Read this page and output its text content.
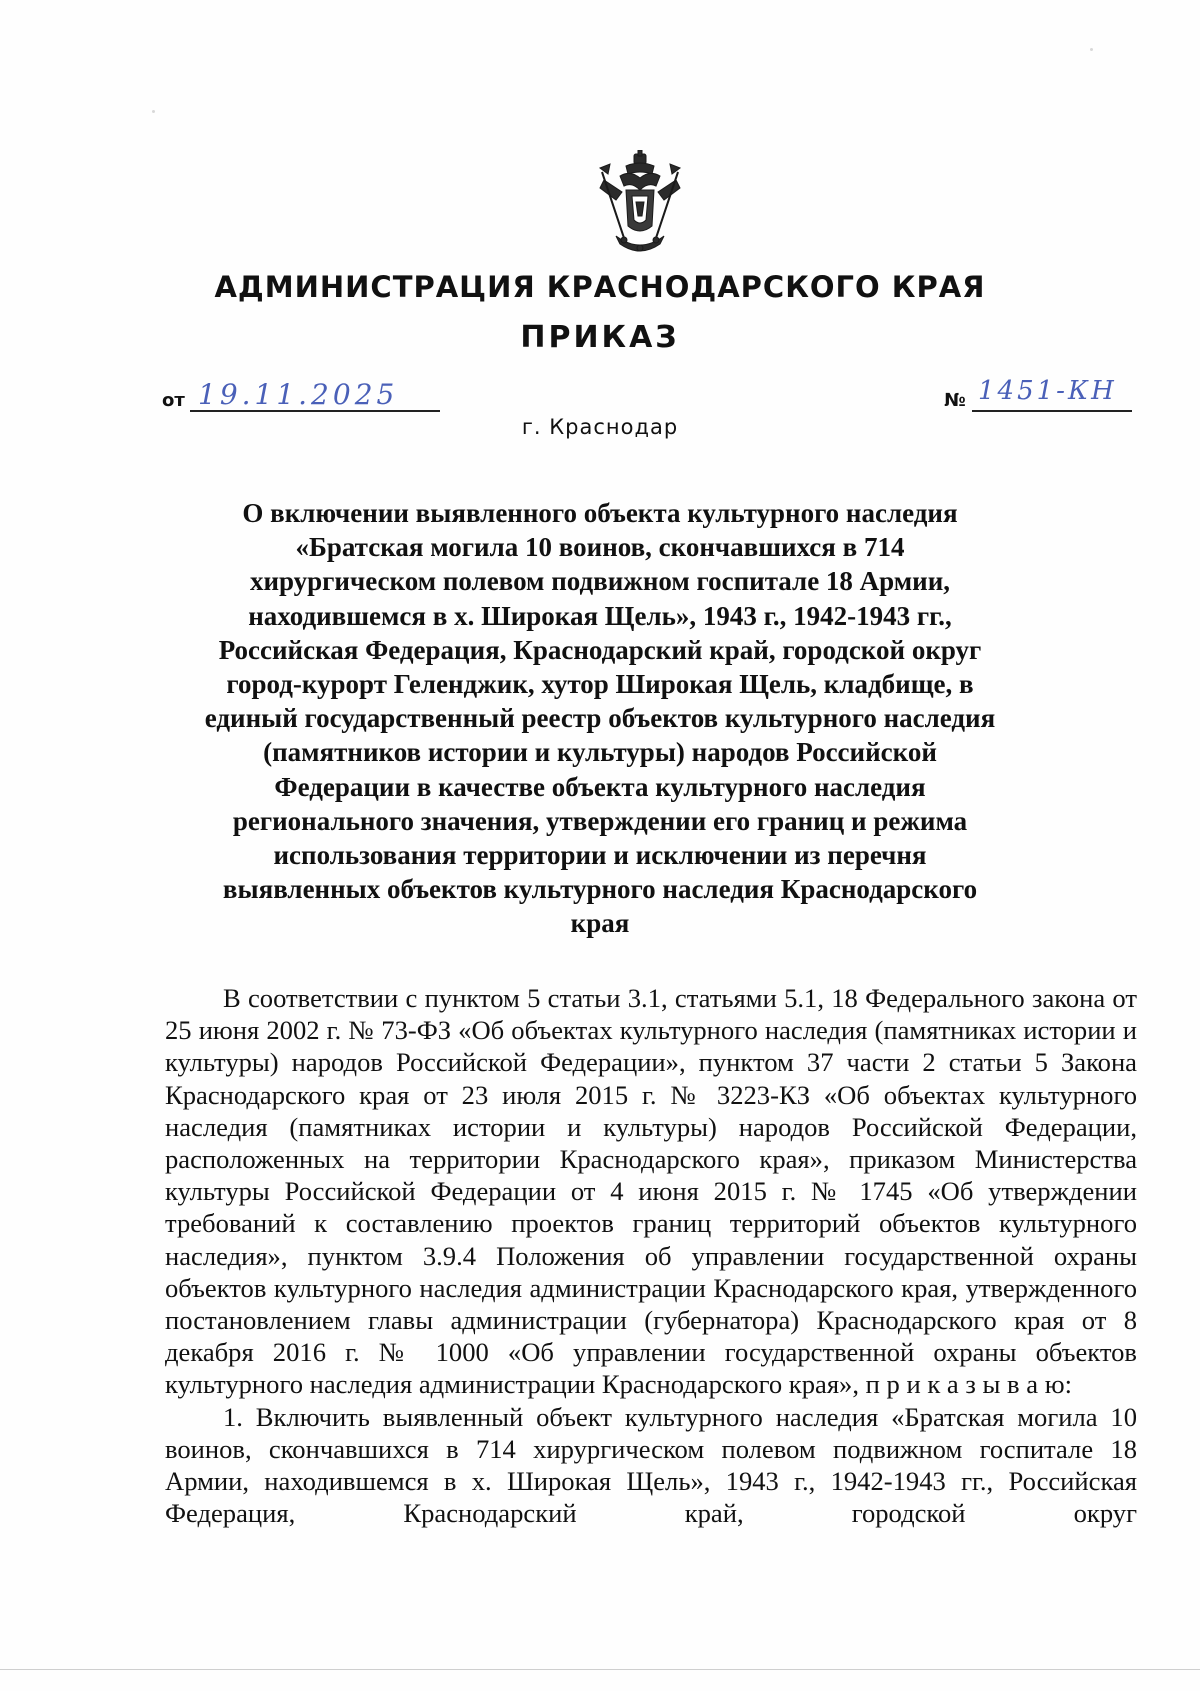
АДМИНИСТРАЦИЯ КРАСНОДАРСКОГО КРАЯ
ПРИКАЗ
от 19.11.2025	№ 1451-КН
г. Краснодар
О включении выявленного объекта культурного наследия «Братская могила 10 воинов, скончавшихся в 714 хирургическом полевом подвижном госпитале 18 Армии, находившемся в х. Широкая Щель», 1943 г., 1942-1943 гг., Российская Федерация, Краснодарский край, городской округ город-курорт Геленджик, хутор Широкая Щель, кладбище, в единый государственный реестр объектов культурного наследия (памятников истории и культуры) народов Российской Федерации в качестве объекта культурного наследия регионального значения, утверждении его границ и режима использования территории и исключении из перечня выявленных объектов культурного наследия Краснодарского края

В соответствии с пунктом 5 статьи 3.1, статьями 5.1, 18 Федерального закона от 25 июня 2002 г. № 73-ФЗ «Об объектах культурного наследия (памятниках истории и культуры) народов Российской Федерации», пунктом 37 части 2 статьи 5 Закона Краснодарского края от 23 июля 2015 г. № 3223-КЗ «Об объектах культурного наследия (памятниках истории и культуры) народов Российской Федерации, расположенных на территории Краснодарского края», приказом Министерства культуры Российской Федерации от 4 июня 2015 г. № 1745 «Об утверждении требований к составлению проектов границ территорий объектов культурного наследия», пунктом 3.9.4 Положения об управлении государственной охраны объектов культурного наследия администрации Краснодарского края, утвержденного постановлением главы администрации (губернатора) Краснодарского края от 8 декабря 2016 г. № 1000 «Об управлении государственной охраны объектов культурного наследия администрации Краснодарского края», п р и к а з ы в а ю:

1. Включить выявленный объект культурного наследия «Братская могила 10 воинов, скончавшихся в 714 хирургическом полевом подвижном госпитале 18 Армии, находившемся в х. Широкая Щель», 1943 г., 1942-1943 гг., Российская Федерация, Краснодарский край, городской округ
